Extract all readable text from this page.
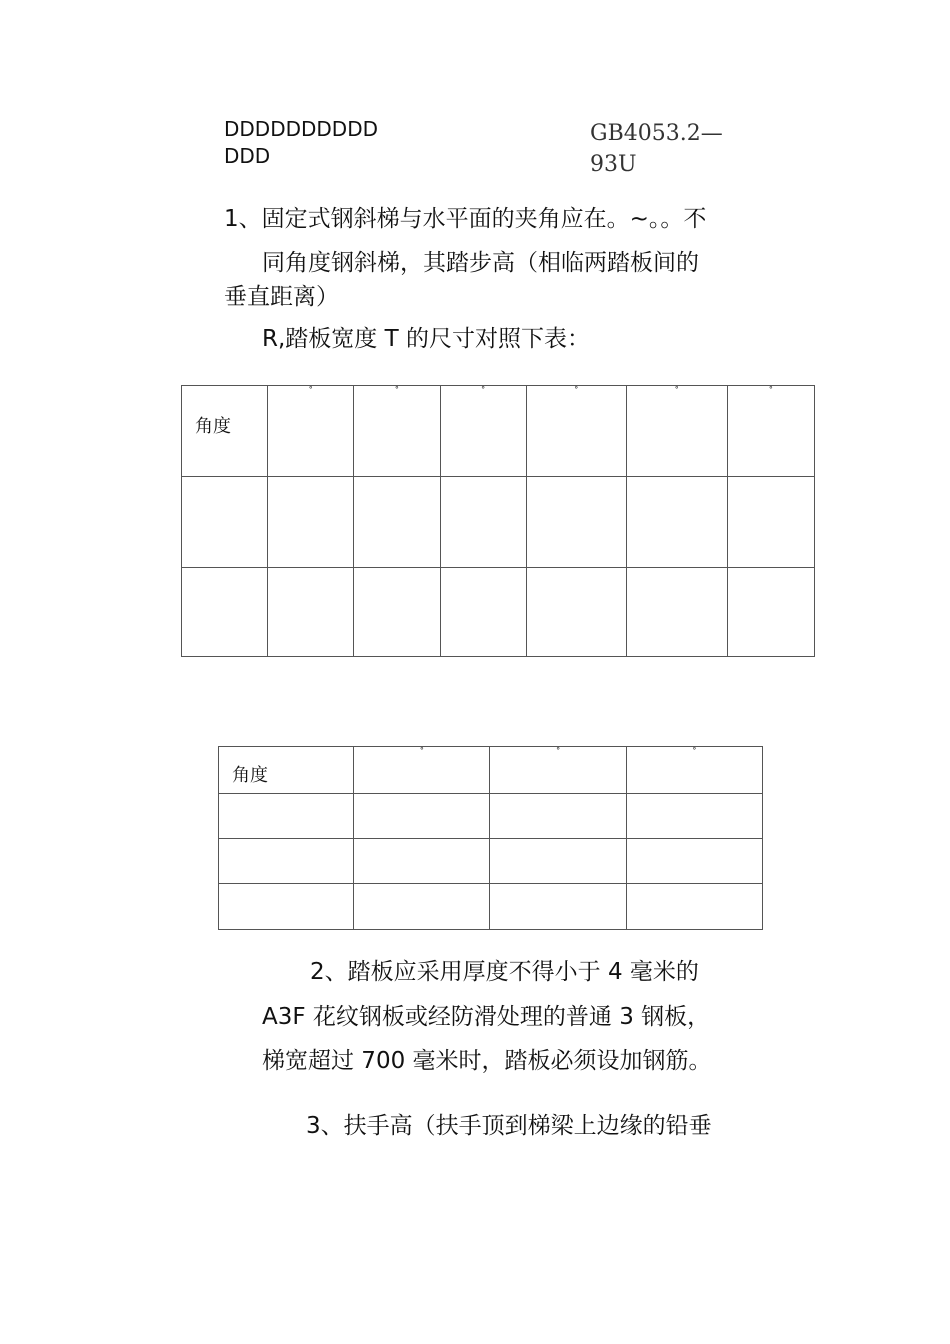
DDDDDDDDDD
DDD
GB4053.2—
93U

1、固定式钢斜梯与水平面的夹角应在。~。。不

同角度钢斜梯，其踏步高（相临两踏板间的

垂直距离）

R,踏板宽度 T 的尺寸对照下表：

角度	°	°	°	°	°	°

角度	°	°	°

2、踏板应采用厚度不得小于 4 毫米的

A3F 花纹钢板或经防滑处理的普通 3 钢板，

梯宽超过 700 毫米时，踏板必须设加钢筋。

3、扶手高（扶手顶到梯梁上边缘的铅垂
